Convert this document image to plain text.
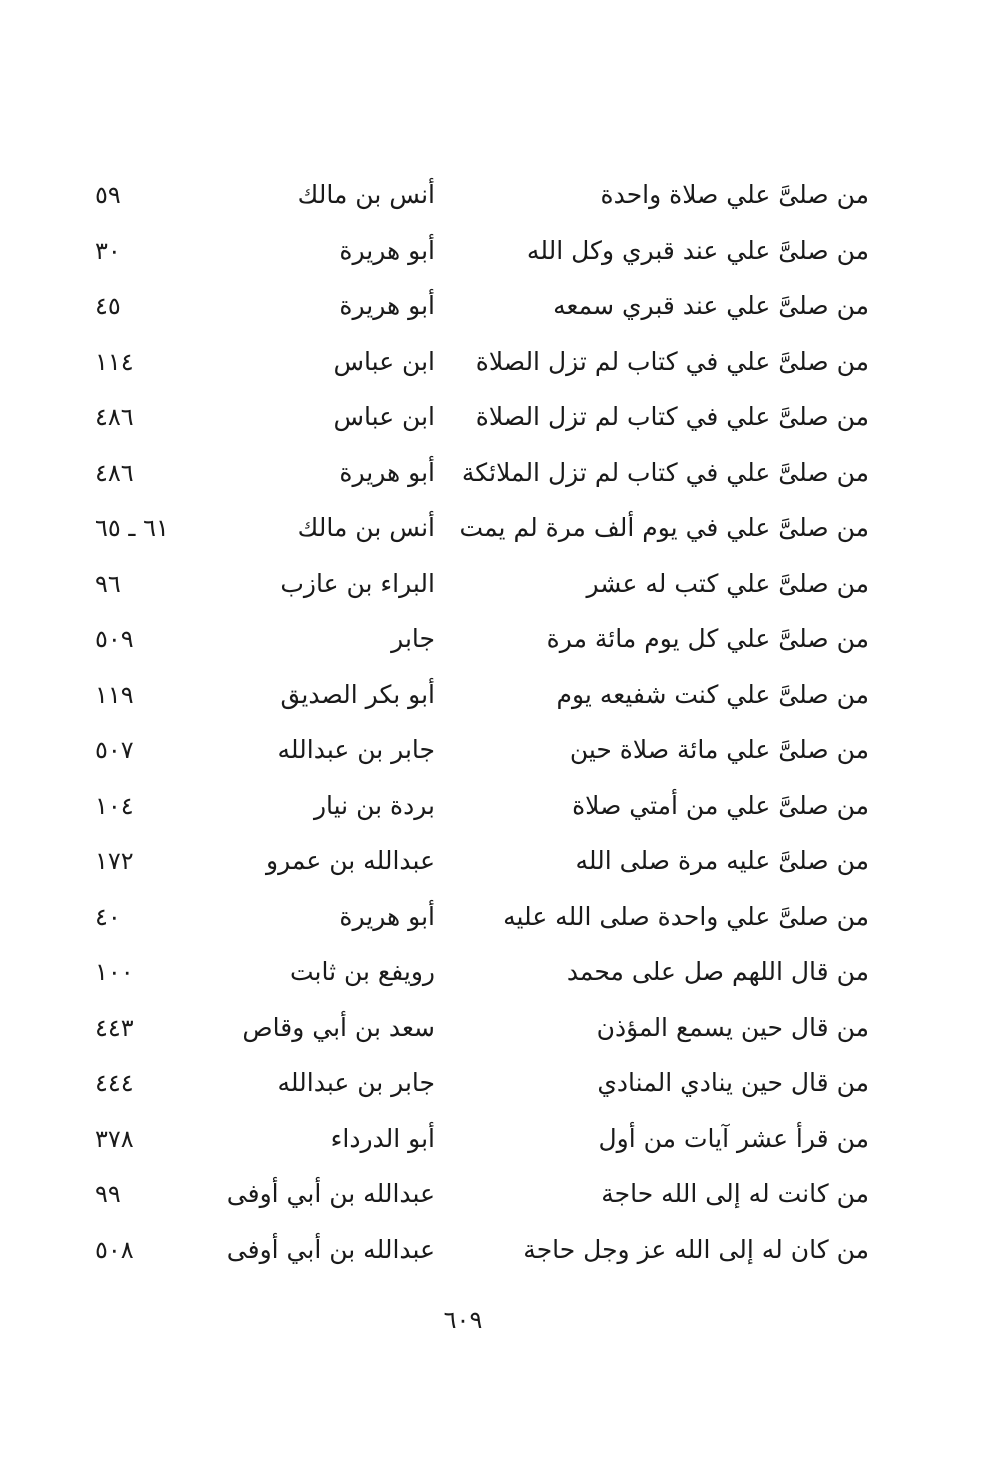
من صلىَّ علي صلاة واحدة
أنس بن مالك
٥٩
من صلىَّ علي عند قبري وكل الله
أبو هريرة
٣٠
من صلىَّ علي عند قبري سمعه
أبو هريرة
٤٥
من صلىَّ علي في كتاب لم تزل الصلاة
ابن عباس
١١٤
من صلىَّ علي في كتاب لم تزل الصلاة
ابن عباس
٤٨٦
من صلىَّ علي في كتاب لم تزل الملائكة
أبو هريرة
٤٨٦
من صلىَّ علي في يوم ألف مرة لم يمت
أنس بن مالك
٦١ ـ ٦٥
من صلىَّ علي كتب له عشر
البراء بن عازب
٩٦
من صلىَّ علي كل يوم مائة مرة
جابر
٥٠٩
من صلىَّ علي كنت شفيعه يوم
أبو بكر الصديق
١١٩
من صلىَّ علي مائة صلاة حين
جابر بن عبدالله
٥٠٧
من صلىَّ علي من أمتي صلاة
بردة بن نيار
١٠٤
من صلىَّ عليه مرة صلى الله
عبدالله بن عمرو
١٧٢
من صلىَّ علي واحدة صلى الله عليه
أبو هريرة
٤٠
من قال اللهم صل على محمد
رويفع بن ثابت
١٠٠
من قال حين يسمع المؤذن
سعد بن أبي وقاص
٤٤٣
من قال حين ينادي المنادي
جابر بن عبدالله
٤٤٤
من قرأ عشر آيات من أول
أبو الدرداء
٣٧٨
من كانت له إلى الله حاجة
عبدالله بن أبي أوفى
٩٩
من كان له إلى الله عز وجل حاجة
عبدالله بن أبي أوفى
٥٠٨
٦٠٩
